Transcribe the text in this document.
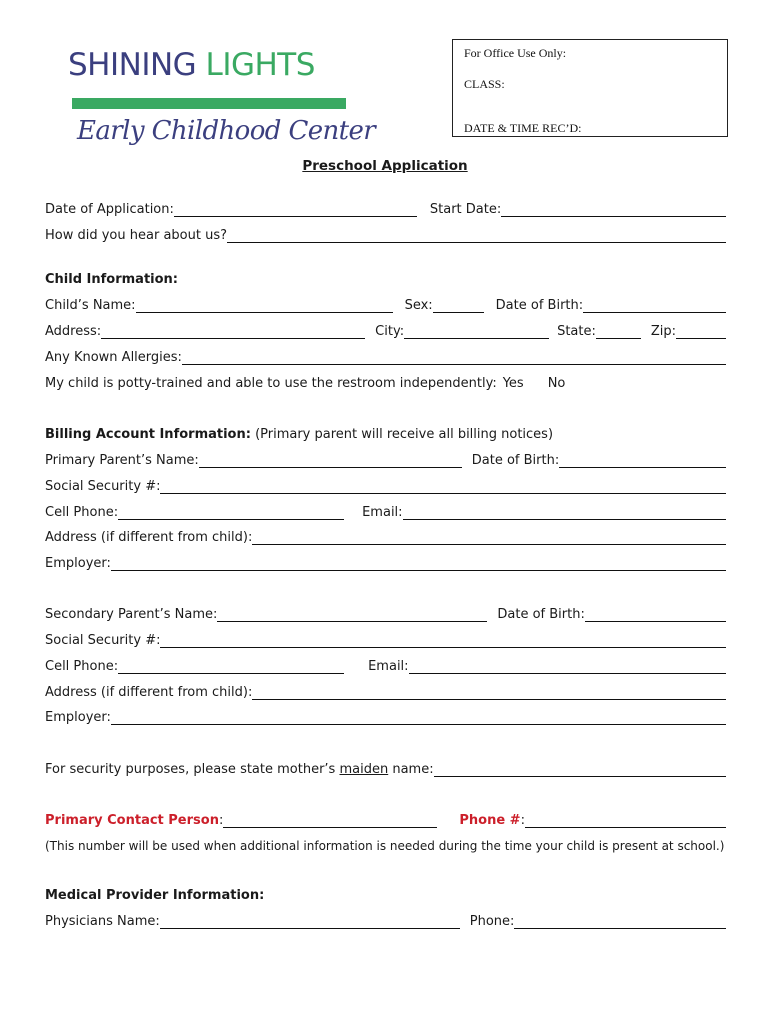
SHINING LIGHTS
Early Childhood Center
For Office Use Only:
CLASS:
DATE & TIME REC’D:
Preschool Application
Date of Application:	Start Date:
How did you hear about us?
Child Information:
Child’s Name:	Sex:	Date of Birth:
Address:	City:	State:	Zip:
Any Known Allergies:
My child is potty-trained and able to use the restroom independently: Yes No
Billing Account Information: (Primary parent will receive all billing notices)
Primary Parent’s Name:	Date of Birth:
Social Security #:
Cell Phone:	Email:
Address (if different from child):
Employer:
Secondary Parent’s Name:	Date of Birth:
Social Security #:
Cell Phone:	Email:
Address (if different from child):
Employer:
For security purposes, please state mother’s maiden name:
Primary Contact Person :	Phone # :
(This number will be used when additional information is needed during the time your child is present at school.)
Medical Provider Information:
Physicians Name:	Phone:
